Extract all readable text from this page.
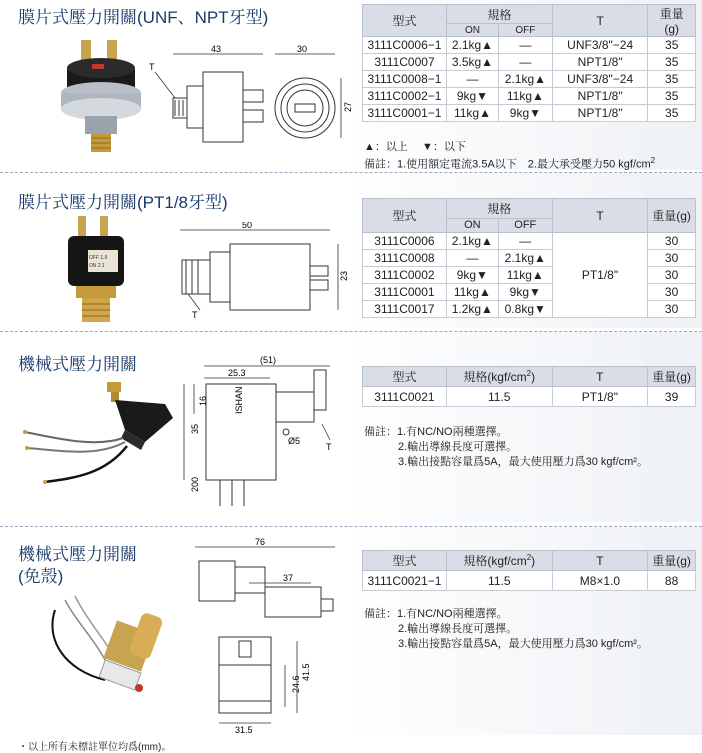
膜片式壓力開關(UNF、NPT牙型)
43
T
30
27
型式	規格		T	重量(g)
	ON	OFF		
3111C0006−1	2.1kg▲	—	UNF3/8"−24	35
3111C0007	3.5kg▲	—	NPT1/8"	35
3111C0008−1	—	2.1kg▲	UNF3/8"−24	35
3111C0002−1	9kg▼	11kg▲	NPT1/8"	35
3111C0001−1	11kg▲	9kg▼	NPT1/8"	35
▲：以上　 ▼：以下
備註：1.使用額定電流3.5A以下　2.最大承受壓力50 kgf/$cm^2$
膜片式壓力開關(PT1/8牙型)
OFF 1.9
ON 2.1
50
23
T
型式	規格		T	重量(g)
	ON	OFF		
3111C0006	2.1kg▲	—	PT1/8"	30
3111C0008	—	2.1kg▲		30
3111C0002	9kg▼	11kg▲		30
3111C0001	11kg▲	9kg▼		30
3111C0017	1.2kg▲	0.8kg▼		30
機械式壓力開關	(51)
25.3
ISHAN
Ø5
T
16
35
200
型式	規格$(kgf/cm^2)$	T	重量(g)
3111C0021	11.5	PT1/8"	39
備註：1.有NC/NO兩種選擇。
2.輸出導線長度可選擇。
3.輸出接點容量爲5A，最大使用壓力爲30 kgf/cm²。
機械式壓力開關
(免殼)
76
37
24.6
41.5
31.5
型式	規格$(kgf/cm^2)$	T	重量(g)
3111C0021−1	11.5	M8×1.0	88
備註：1.有NC/NO兩種選擇。
2.輸出導線長度可選擇。
3.輸出接點容量爲5A，最大使用壓力爲30 kgf/cm²。
・以上所有未標註單位均爲(mm)。
